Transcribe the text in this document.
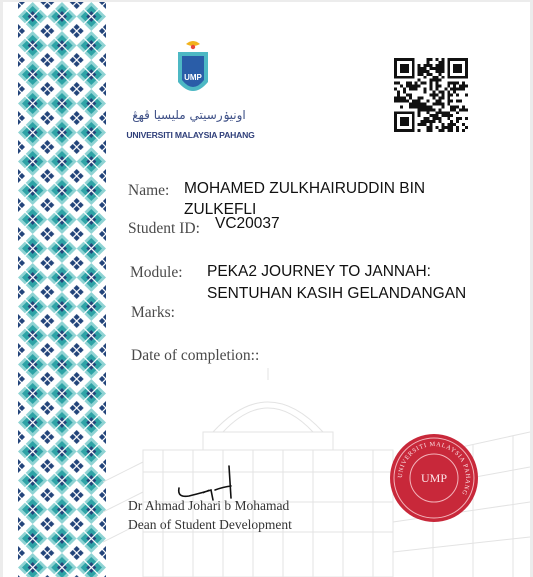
UMP
اونيۏرسيتي مليسيا ڤهڠ
UNIVERSITI MALAYSIA PAHANG
Name: MOHAMED ZULKHAIRUDDIN BIN
ZULKEFLI
Student ID: VC20037
Module: PEKA2 JOURNEY TO JANNAH:
SENTUHAN KASIH GELANDANGAN
Marks:
Date of completion::
Dr Ahmad Johari b Mohamad
Dean of Student Development
UNIVERSITI MALAYSIA PAHANG
UMP
